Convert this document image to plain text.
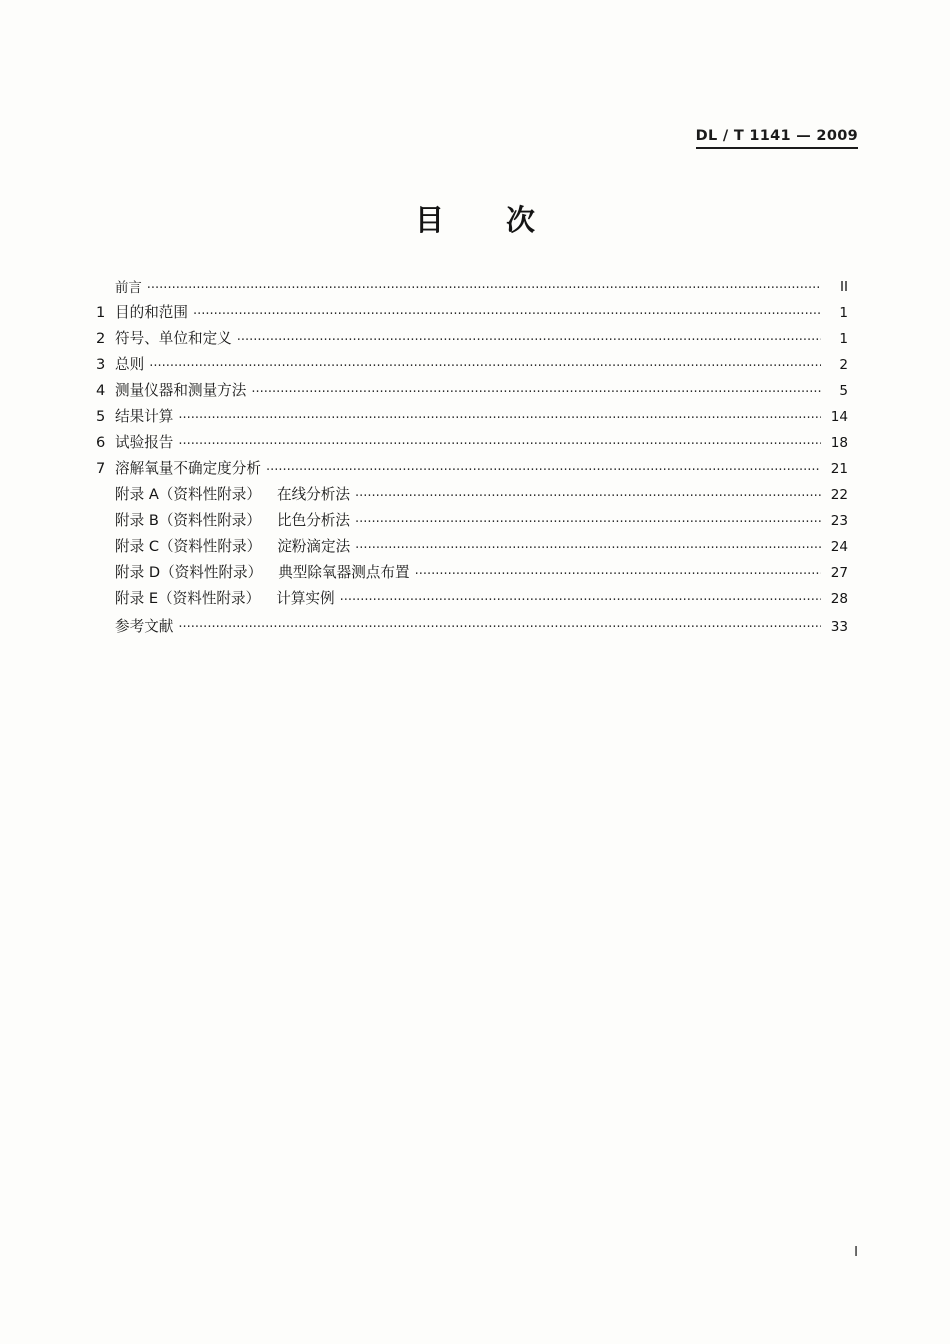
DL / T 1141 — 2009
目 次
前言 ·····	II
1 目的和范围 ·····	1
2 符号、单位和定义 ·····	1
3 总则 ·····	2
4 测量仪器和测量方法 ·····	5
5 结果计算 ·····	14
6 试验报告 ·····	18
7 溶解氧量不确定度分析 ·····	21
附录 A（资料性附录） 在线分析法 ·····	22
附录 B（资料性附录） 比色分析法 ·····	23
附录 C（资料性附录） 淀粉滴定法 ·····	24
附录 D（资料性附录） 典型除氧器测点布置 ·····	27
附录 E（资料性附录） 计算实例 ·····	28
参考文献 ·····	33
I
